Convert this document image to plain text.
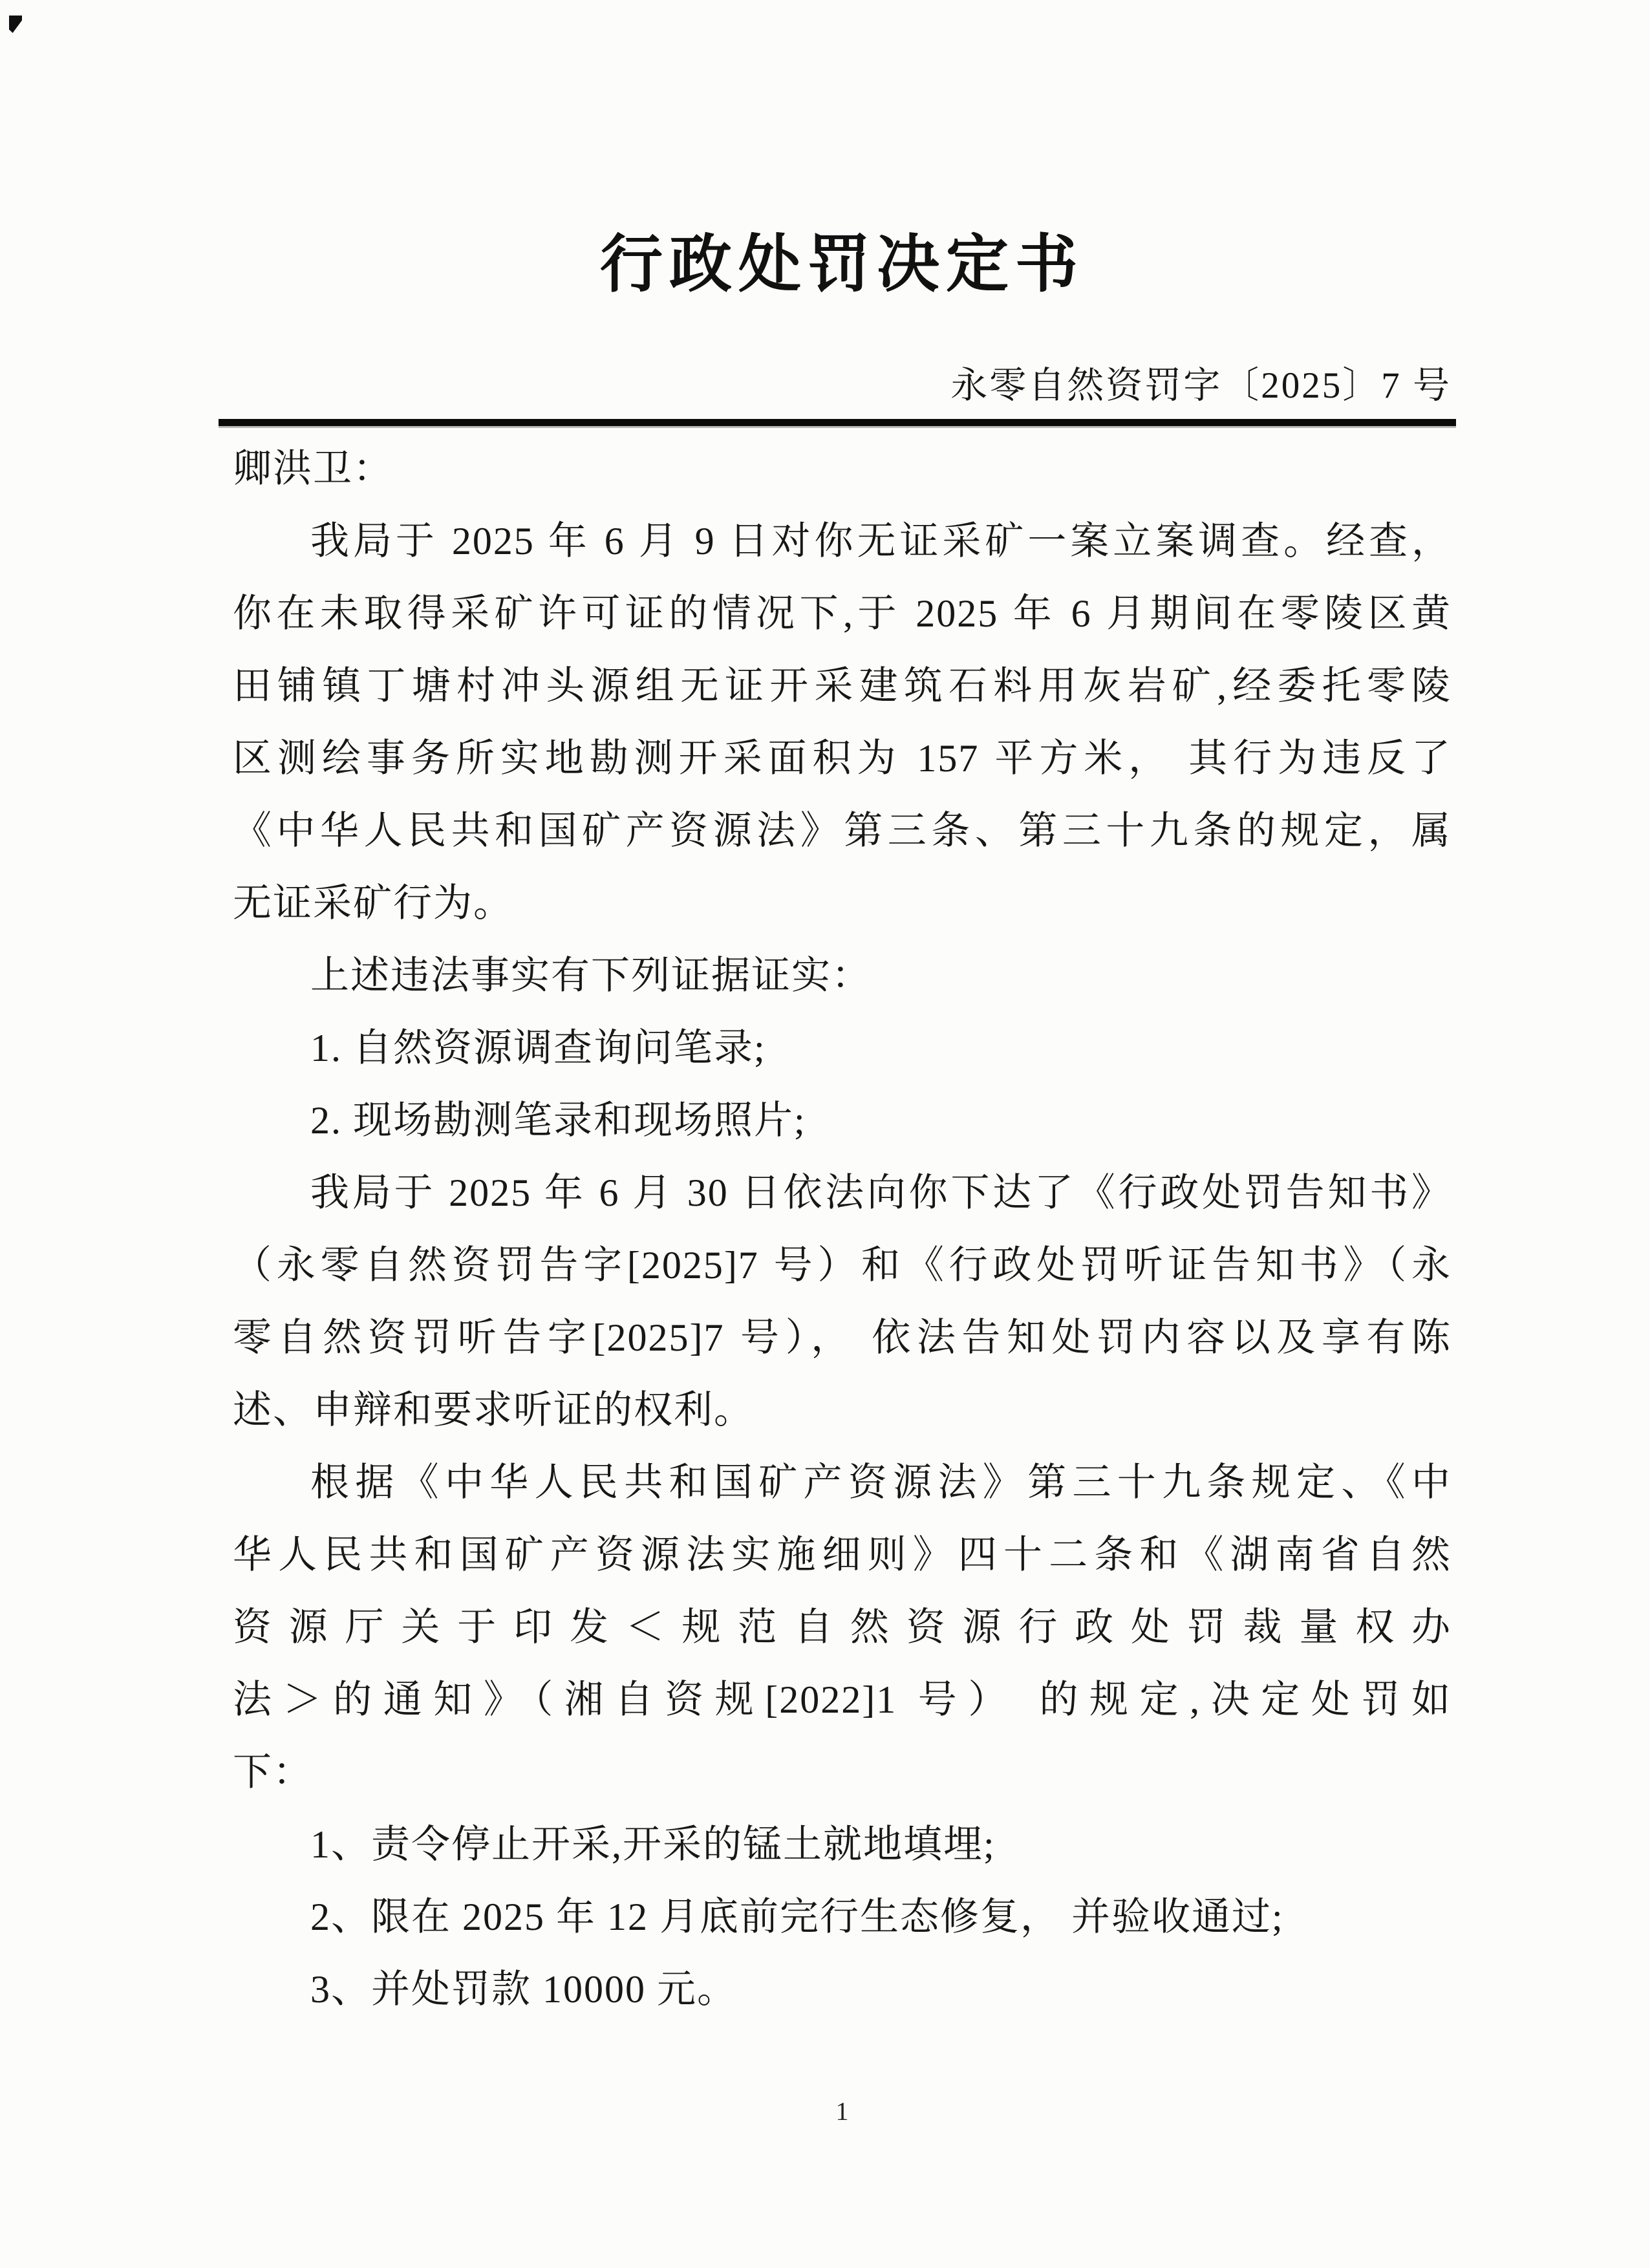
行政处罚决定书
永零自然资罚字〔2025〕7 号
卿洪卫：
我局于 2025 年 6 月 9 日对你无证采矿一案立案调查。经查，
你在未取得采矿许可证的情况下,于 2025 年 6 月期间在零陵区黄
田铺镇丁塘村冲头源组无证开采建筑石料用灰岩矿,经委托零陵
区测绘事务所实地勘测开采面积为 157 平方米， 其行为违反了
《中华人民共和国矿产资源法》第三条、第三十九条的规定，属
无证采矿行为。
上述违法事实有下列证据证实：
1. 自然资源调查询问笔录;
2. 现场勘测笔录和现场照片;
我局于 2025 年 6 月 30 日依法向你下达了《行政处罚告知书》
（永零自然资罚告字[2025]7 号）和《行政处罚听证告知书》（永
零自然资罚听告字[2025]7 号）， 依法告知处罚内容以及享有陈
述、申辩和要求听证的权利。
根据《中华人民共和国矿产资源法》第三十九条规定、《中
华人民共和国矿产资源法实施细则》四十二条和《湖南省自然
资源厅关于印发＜规范自然资源行政处罚裁量权办
法＞的通知》（湘自资规[2022]1 号） 的规定,决定处罚如
下：
1、责令停止开采,开采的锰土就地填埋;
2、限在 2025 年 12 月底前完行生态修复， 并验收通过;
3、并处罚款 10000 元。
1
